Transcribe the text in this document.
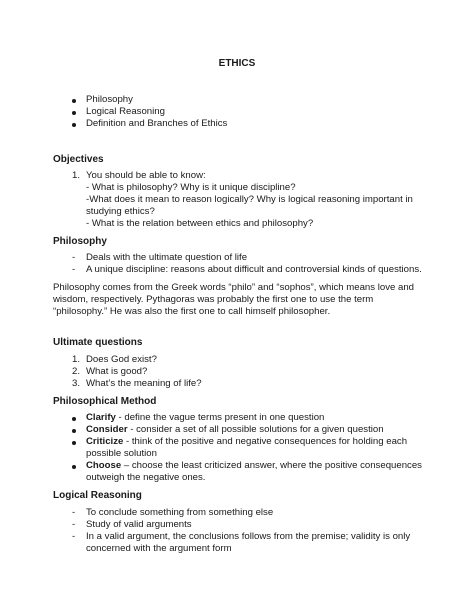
ETHICS
Philosophy
Logical Reasoning
Definition and Branches of Ethics
Objectives
1. You should be able to know:
- What is philosophy? Why is it unique discipline?
-What does it mean to reason logically? Why is logical reasoning important in
studying ethics?
- What is the relation between ethics and philosophy?
Philosophy
- Deals with the ultimate question of life
- A unique discipline: reasons about difficult and controversial kinds of questions.
Philosophy comes from the Greek words “philo” and “sophos”, which means love and
wisdom, respectively. Pythagoras was probably the first one to use the term
“philosophy.” He was also the first one to call himself philosopher.
Ultimate questions
1. Does God exist?
2. What is good?
3. What’s the meaning of life?
Philosophical Method
Clarify - define the vague terms present in one question
Consider - consider a set of all possible solutions for a given question
Criticize - think of the positive and negative consequences for holding each
possible solution
Choose – choose the least criticized answer, where the positive consequences
outweigh the negative ones.
Logical Reasoning
- To conclude something from something else
- Study of valid arguments
- In a valid argument, the conclusions follows from the premise; validity is only
concerned with the argument form
